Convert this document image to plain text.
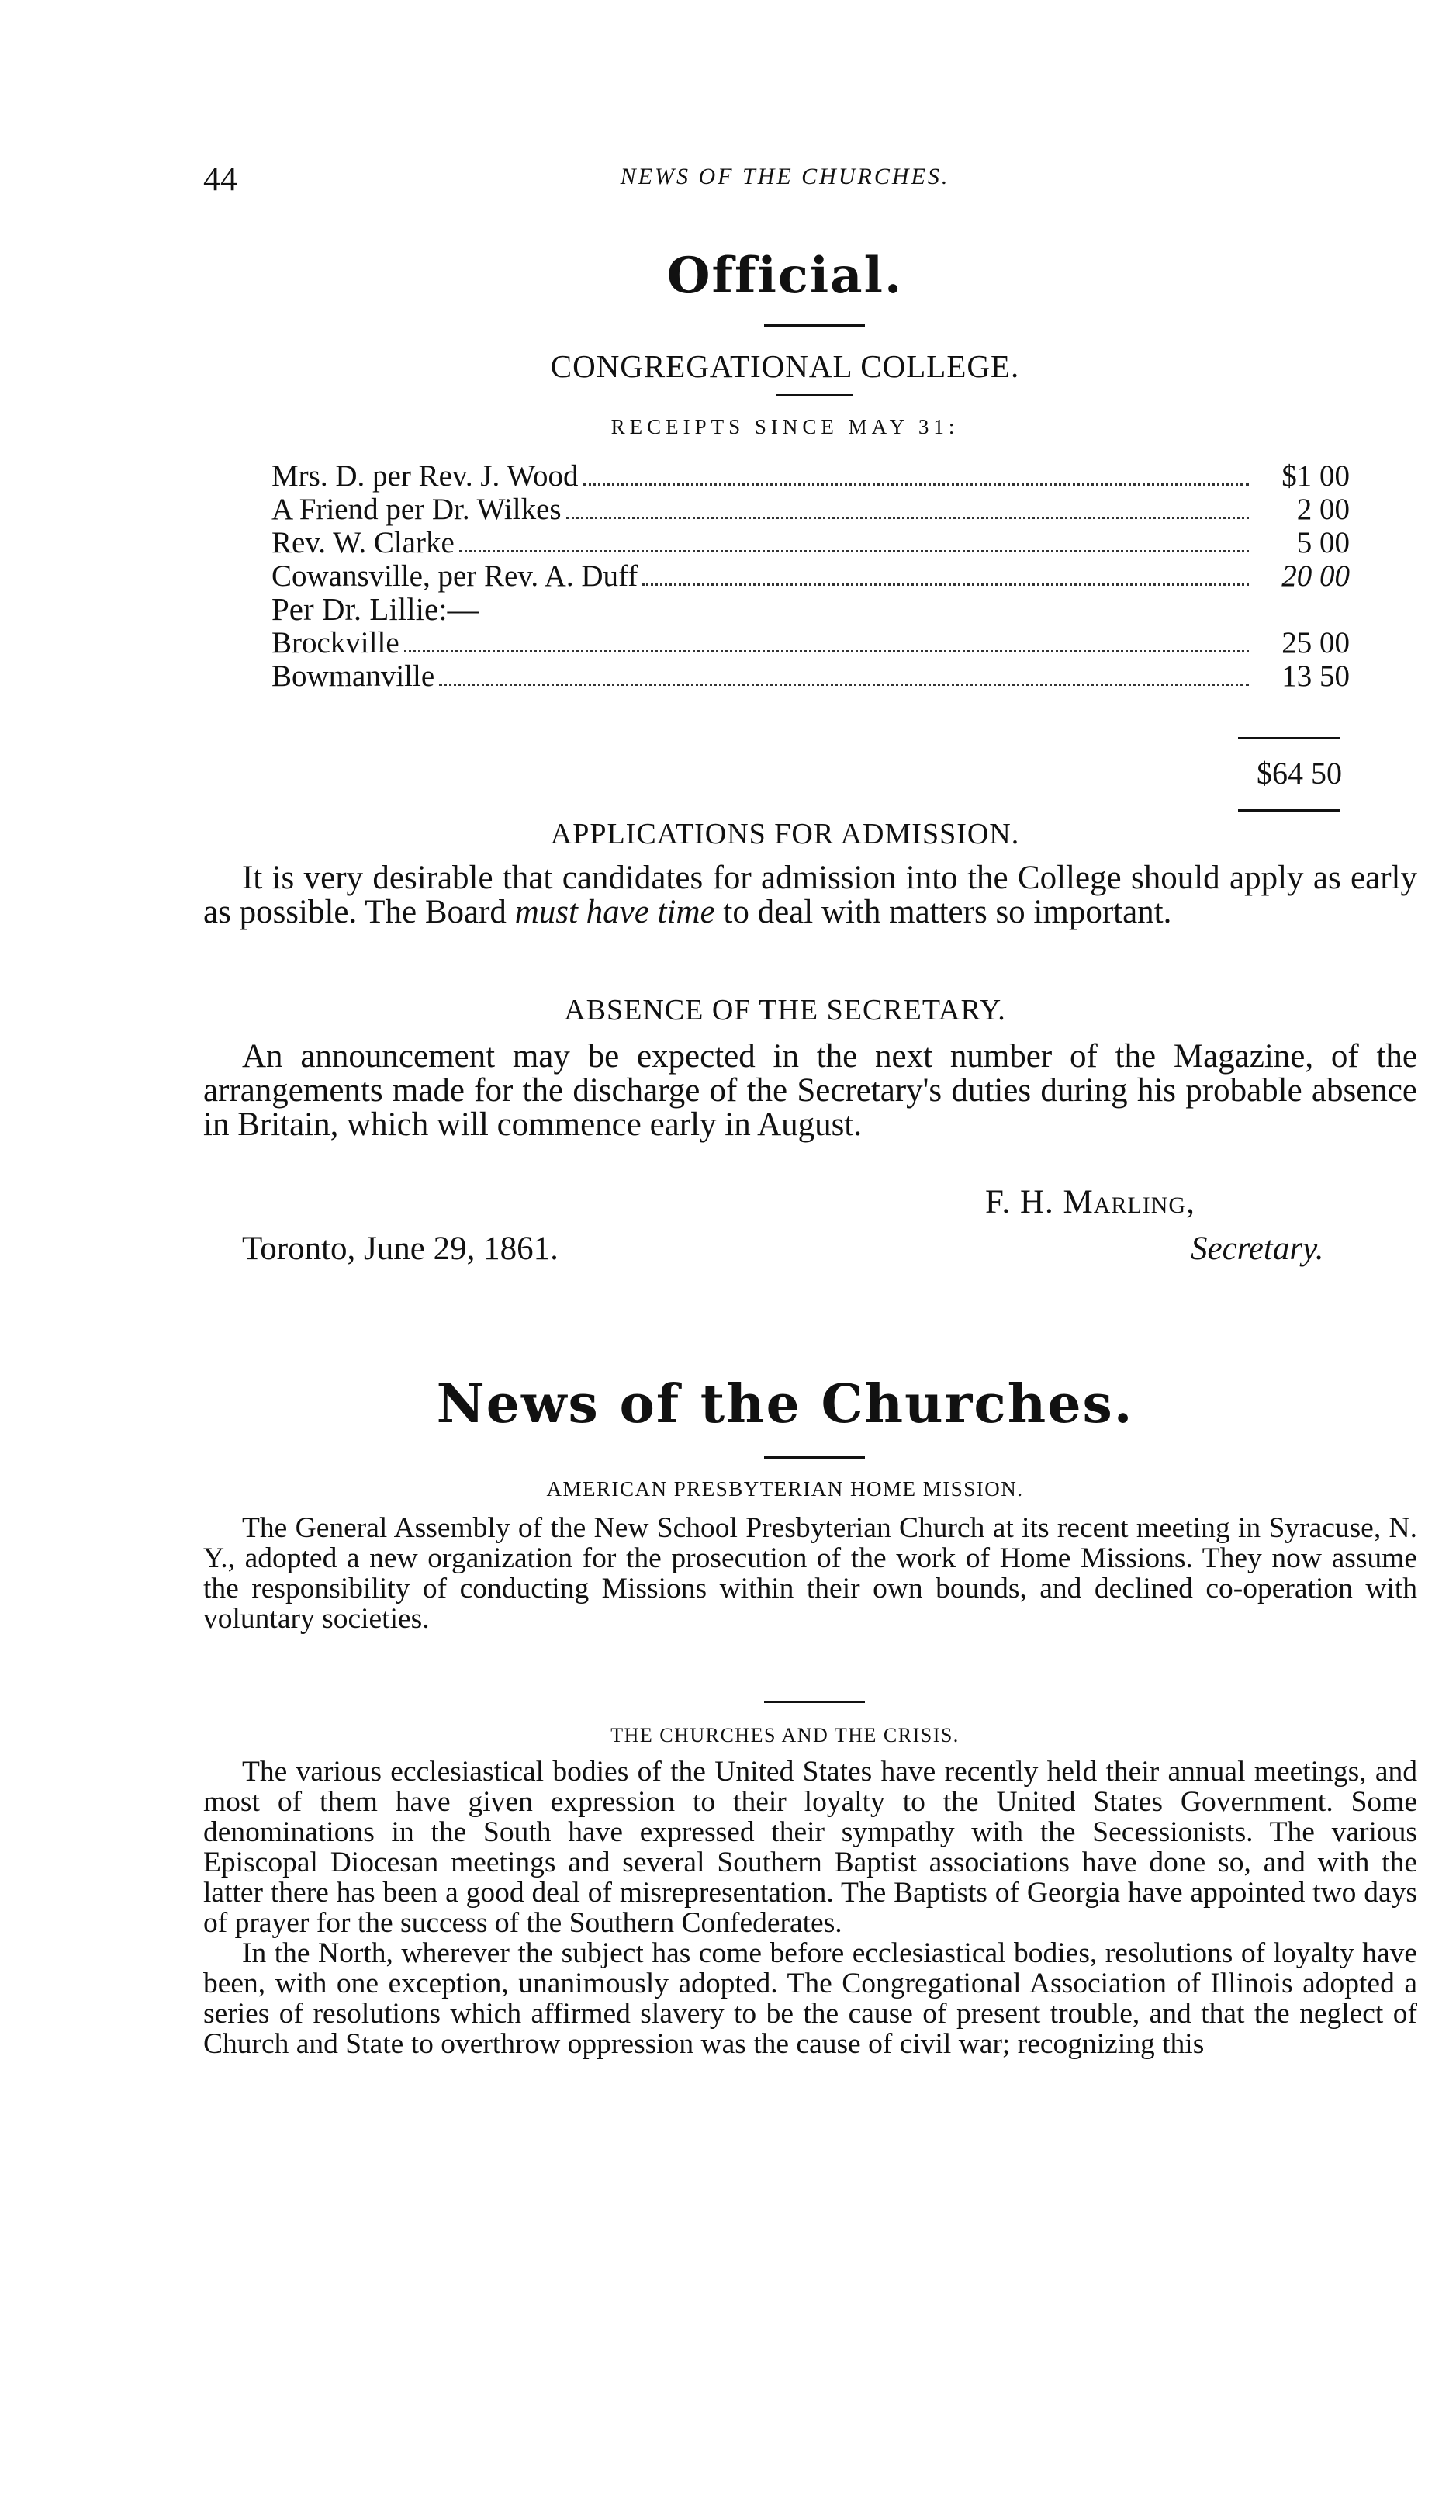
44	NEWS OF THE CHURCHES.
Official.
CONGREGATIONAL COLLEGE.
RECEIPTS SINCE MAY 31:
Mrs. D. per Rev. J. Wood	$1 00
A Friend per Dr. Wilkes	2 00
Rev. W. Clarke	5 00
Cowansville, per Rev. A. Duff	20 00
Per Dr. Lillie:—
Brockville	25 00
Bowmanville	13 50
$64 50
APPLICATIONS FOR ADMISSION.

It is very desirable that candidates for admission into the College should apply as early as possible. The Board must have time to deal with matters so important.

ABSENCE OF THE SECRETARY.

An announcement may be expected in the next number of the Magazine, of the arrangements made for the discharge of the Secretary's duties during his probable absence in Britain, which will commence early in August.

F. H. Marling,
Toronto, June 29, 1861.	Secretary.
News of the Churches.
AMERICAN PRESBYTERIAN HOME MISSION.

The General Assembly of the New School Presbyterian Church at its recent meeting in Syracuse, N. Y., adopted a new organization for the prosecution of the work of Home Missions. They now assume the responsibility of conducting Missions within their own bounds, and declined co-operation with voluntary societies.

THE CHURCHES AND THE CRISIS.

The various ecclesiastical bodies of the United States have recently held their annual meetings, and most of them have given expression to their loyalty to the United States Government. Some denominations in the South have expressed their sympathy with the Secessionists. The various Episcopal Diocesan meetings and several Southern Baptist associations have done so, and with the latter there has been a good deal of misrepresentation. The Baptists of Georgia have appointed two days of prayer for the success of the Southern Confederates.

In the North, wherever the subject has come before ecclesiastical bodies, resolutions of loyalty have been, with one exception, unanimously adopted. The Congregational Association of Illinois adopted a series of resolutions which affirmed slavery to be the cause of present trouble, and that the neglect of Church and State to overthrow oppression was the cause of civil war; recognizing this
